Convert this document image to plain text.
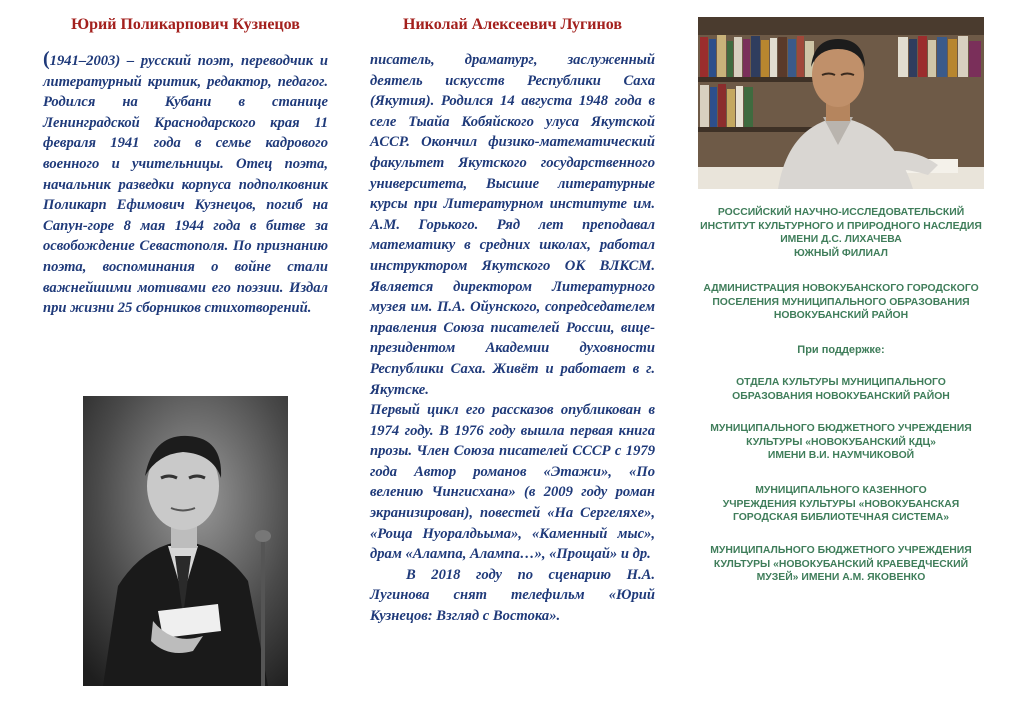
Юрий Поликарпович Кузнецов

(1941–2003) – русский поэт, переводчик и литературный критик, редактор, педагог. Родился на Кубани в станице Ленинградской Краснодарского края 11 февраля 1941 года в семье кадрового военного и учительницы. Отец поэта, начальник разведки корпуса подполковник Поликарп Ефимович Кузнецов, погиб на Сапун-горе 8 мая 1944 года в битве за освобождение Севастополя. По признанию поэта, воспоминания о войне стали важнейшими мотивами его поэзии. Издал при жизни 25 сборников стихотворений.

Николай Алексеевич Лугинов

писатель, драматург, заслуженный деятель искусств Республики Саха (Якутия). Родился 14 августа 1948 года в селе Тыайа Кобяйского улуса Якутской АССР. Окончил физико-математический факультет Якутского государственного университета, Высшие литературные курсы при Литературном институте им. А.М. Горького. Ряд лет преподавал математику в средних школах, работал инструктором Якутского ОК ВЛКСМ. Является директором Литературного музея им. П.А. Ойунского, сопредседателем правления Союза писателей России, вице-президентом Академии духовности Республики Саха. Живёт и работает в г. Якутске.

Первый цикл его рассказов опубликован в 1974 году. В 1976 году вышла первая книга прозы. Член Союза писателей СССР с 1979 года Автор романов «Этажи», «По велению Чингисхана» (в 2009 году роман экранизирован), повестей «На Сергеляхе», «Роща Нуоралдьыма», «Каменный мыс», драм «Алампа, Алампа…», «Прощай» и др.

В 2018 году по сценарию Н.А. Лугинова снят телефильм «Юрий Кузнецов: Взгляд с Востока».

РОССИЙСКИЙ НАУЧНО-ИССЛЕДОВАТЕЛЬСКИЙ

ИНСТИТУТ КУЛЬТУРНОГО И ПРИРОДНОГО НАСЛЕДИЯ

ИМЕНИ Д.С. ЛИХАЧЕВА

ЮЖНЫЙ ФИЛИАЛ

АДМИНИСТРАЦИЯ НОВОКУБАНСКОГО ГОРОДСКОГО

ПОСЕЛЕНИЯ МУНИЦИПАЛЬНОГО ОБРАЗОВАНИЯ

НОВОКУБАНСКИЙ РАЙОН

При поддержке:

ОТДЕЛА КУЛЬТУРЫ МУНИЦИПАЛЬНОГО

ОБРАЗОВАНИЯ НОВОКУБАНСКИЙ РАЙОН

МУНИЦИПАЛЬНОГО БЮДЖЕТНОГО УЧРЕЖДЕНИЯ

КУЛЬТУРЫ «НОВОКУБАНСКИЙ КДЦ»

ИМЕНИ В.И. НАУМЧИКОВОЙ

МУНИЦИПАЛЬНОГО КАЗЕННОГО

УЧРЕЖДЕНИЯ КУЛЬТУРЫ «НОВОКУБАНСКАЯ

ГОРОДСКАЯ БИБЛИОТЕЧНАЯ СИСТЕМА»

МУНИЦИПАЛЬНОГО БЮДЖЕТНОГО УЧРЕЖДЕНИЯ

КУЛЬТУРЫ «НОВОКУБАНСКИЙ КРАЕВЕДЧЕСКИЙ

МУЗЕЙ» ИМЕНИ А.М. ЯКОВЕНКО
